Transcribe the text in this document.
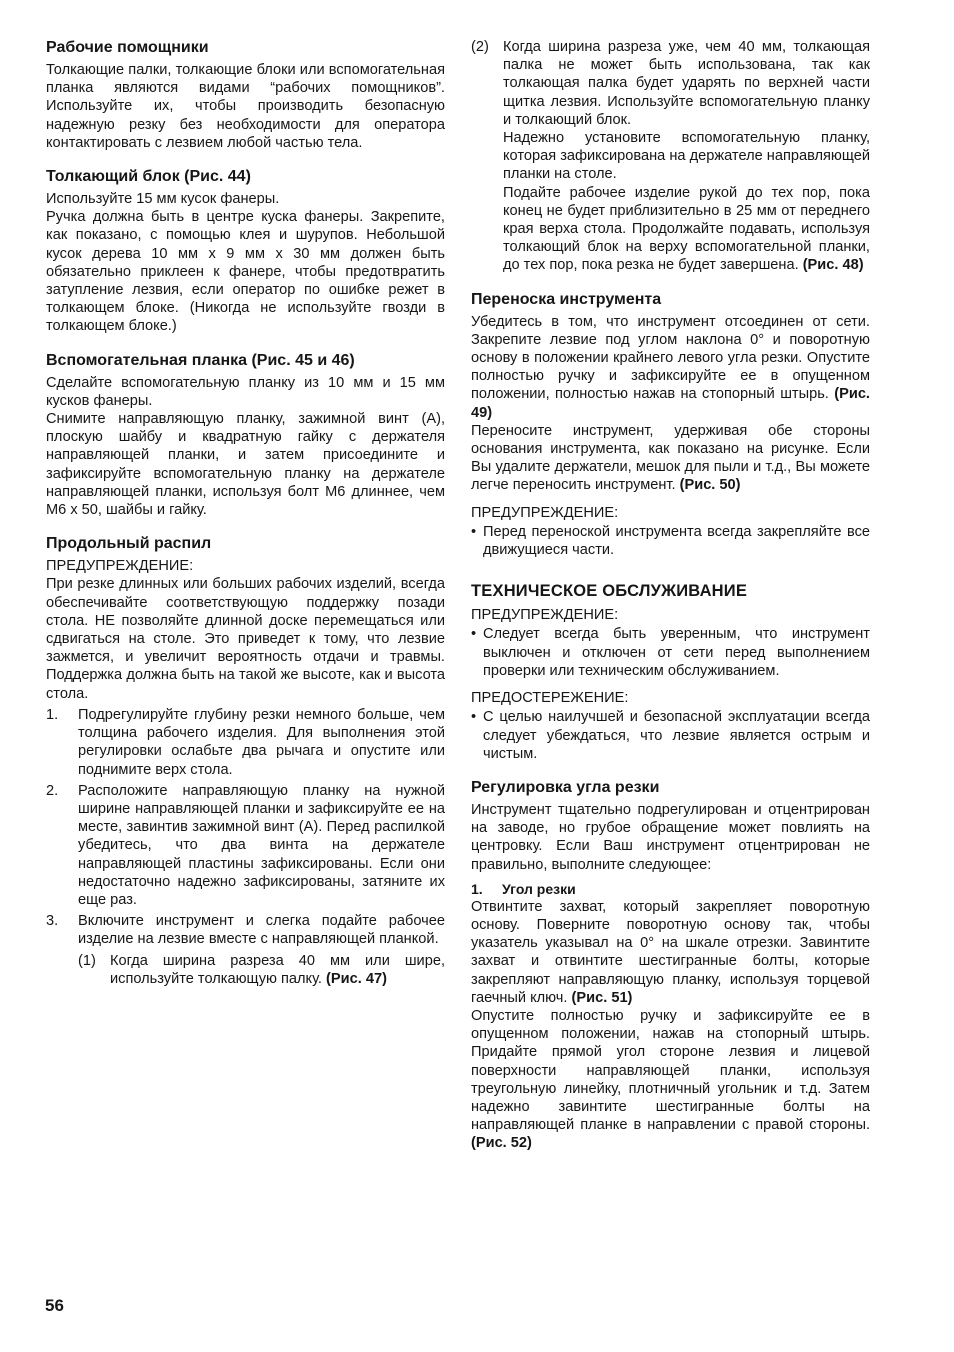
Рабочие помощники

Толкающие палки, толкающие блоки или вспомогательная планка являются видами “рабочих помощников”. Используйте их, чтобы производить безопасную надежную резку без необходимости для оператора контактировать с лезвием любой частью тела.

Толкающий блок (Рис. 44)

Используйте 15 мм кусок фанеры.

Ручка должна быть в центре куска фанеры. Закрепите, как показано, с помощью клея и шурупов. Небольшой кусок дерева 10 мм х 9 мм х 30 мм должен быть обязательно приклеен к фанере, чтобы предотвратить затупление лезвия, если оператор по ошибке режет в толкающем блоке. (Никогда не используйте гвозди в толкающем блоке.)

Вспомогательная планка (Рис. 45 и 46)

Сделайте вспомогательную планку из 10 мм и 15 мм кусков фанеры.

Снимите направляющую планку, зажимной винт (A), плоскую шайбу и квадратную гайку с держателя направляющей планки, и затем присоедините и зафиксируйте вспомогательную планку на держателе направляющей планки, используя болт М6 длиннее, чем М6 х 50, шайбы и гайку.

Продольный распил

ПРЕДУПРЕЖДЕНИЕ:

При резке длинных или больших рабочих изделий, всегда обеспечивайте соответствующую поддержку позади стола. НЕ позволяйте длинной доске перемещаться или сдвигаться на столе. Это приведет к тому, что лезвие зажмется, и увеличит вероятность отдачи и травмы. Поддержка должна быть на такой же высоте, как и высота стола.

1. Подрегулируйте глубину резки немного больше, чем толщина рабочего изделия. Для выполнения этой регулировки ослабьте два рычага и опустите или поднимите верх стола.

2. Расположите направляющую планку на нужной ширине направляющей планки и зафиксируйте ее на месте, завинтив зажимной винт (А). Перед распилкой убедитесь, что два винта на держателе направляющей пластины зафиксированы. Если они недостаточно надежно зафиксированы, затяните их еще раз.

3. Включите инструмент и слегка подайте рабочее изделие на лезвие вместе с направляющей планкой.

(1) Когда ширина разреза 40 мм или шире, используйте толкающую палку. (Рис. 47)

(2) Когда ширина разреза уже, чем 40 мм, толкающая палка не может быть использована, так как толкающая палка будет ударять по верхней части щитка лезвия. Используйте вспомогательную планку и толкающий блок.

Надежно установите вспомогательную планку, которая зафиксирована на держателе направляющей планки на столе.

Подайте рабочее изделие рукой до тех пор, пока конец не будет приблизительно в 25 мм от переднего края верха стола. Продолжайте подавать, используя толкающий блок на верху вспомогательной планки, до тех пор, пока резка не будет завершена. (Рис. 48)

Переноска инструмента

Убедитесь в том, что инструмент отсоединен от сети. Закрепите лезвие под углом наклона 0° и поворотную основу в положении крайнего левого угла резки. Опустите полностью ручку и зафиксируйте ее в опущенном положении, полностью нажав на стопорный штырь. (Рис. 49)

Переносите инструмент, удерживая обе стороны основания инструмента, как показано на рисунке. Если Вы удалите держатели, мешок для пыли и т.д., Вы можете легче переносить инструмент. (Рис. 50)

ПРЕДУПРЕЖДЕНИЕ:

• Перед переноской инструмента всегда закрепляйте все движущиеся части.

ТЕХНИЧЕСКОЕ ОБСЛУЖИВАНИЕ

ПРЕДУПРЕЖДЕНИЕ:

• Следует всегда быть уверенным, что инструмент выключен и отключен от сети перед выполнением проверки или техническим обслуживанием.

ПРЕДОСТЕРЕЖЕНИЕ:

• С целью наилучшей и безопасной эксплуатации всегда следует убеждаться, что лезвие является острым и чистым.

Регулировка угла резки

Инструмент тщательно подрегулирован и отцентрирован на заводе, но грубое обращение может повлиять на центровку. Если Ваш инструмент отцентрирован не правильно, выполните следующее:

1. Угол резки

Отвинтите захват, который закрепляет поворотную основу. Поверните поворотную основу так, чтобы указатель указывал на 0° на шкале отрезки. Завинтите захват и отвинтите шестигранные болты, которые закрепляют направляющую планку, используя торцевой гаечный ключ. (Рис. 51)

Опустите полностью ручку и зафиксируйте ее в опущенном положении, нажав на стопорный штырь. Придайте прямой угол стороне лезвия и лицевой поверхности направляющей планки, используя треугольную линейку, плотничный угольник и т.д. Затем надежно завинтите шестигранные болты на направляющей планке в направлении с правой стороны. (Рис. 52)

56
